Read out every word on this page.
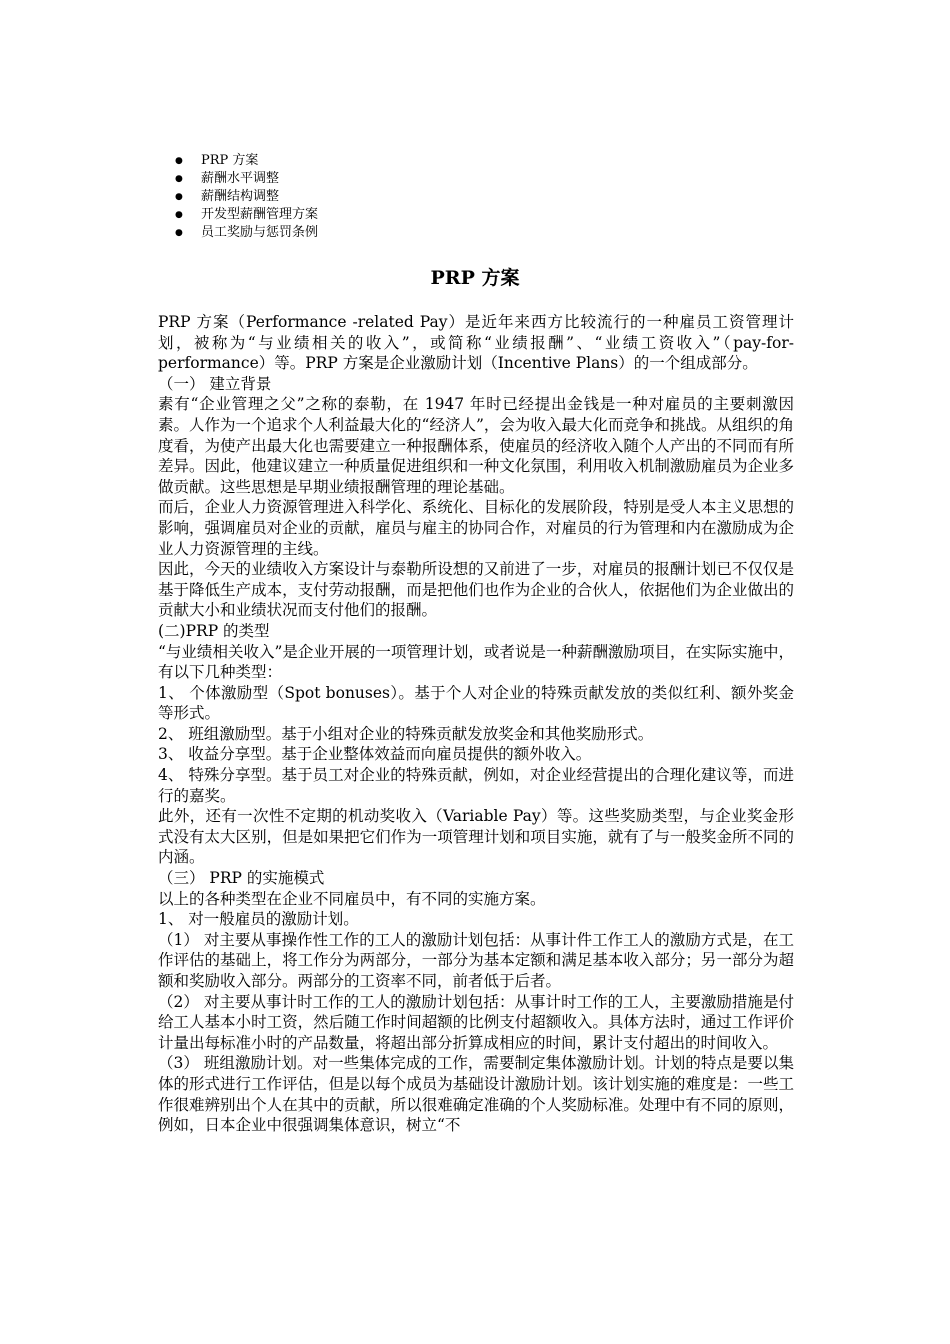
● PRP 方案
● 薪酬水平调整
● 薪酬结构调整
● 开发型薪酬管理方案
● 员工奖励与惩罚条例
PRP 方案

PRP 方案（Performance -related Pay）是近年来西方比较流行的一种雇员工资管理计划，被称为“与业绩相关的收入”，或简称“业绩报酬”、“业绩工资收入”（pay-for-performance）等。PRP 方案是企业激励计划（Incentive Plans）的一个组成部分。

（一） 建立背景

素有“企业管理之父”之称的泰勒，在 1947 年时已经提出金钱是一种对雇员的主要刺激因素。人作为一个追求个人利益最大化的“经济人”，会为收入最大化而竞争和挑战。从组织的角度看，为使产出最大化也需要建立一种报酬体系，使雇员的经济收入随个人产出的不同而有所差异。因此，他建议建立一种质量促进组织和一种文化氛围，利用收入机制激励雇员为企业多做贡献。这些思想是早期业绩报酬管理的理论基础。

而后，企业人力资源管理进入科学化、系统化、目标化的发展阶段，特别是受人本主义思想的影响，强调雇员对企业的贡献，雇员与雇主的协同合作，对雇员的行为管理和内在激励成为企业人力资源管理的主线。

因此，今天的业绩收入方案设计与泰勒所设想的又前进了一步，对雇员的报酬计划已不仅仅是基于降低生产成本，支付劳动报酬，而是把他们也作为企业的合伙人，依据他们为企业做出的贡献大小和业绩状况而支付他们的报酬。

(二)PRP 的类型

“与业绩相关收入”是企业开展的一项管理计划，或者说是一种薪酬激励项目，在实际实施中，有以下几种类型：

1、 个体激励型（Spot bonuses）。基于个人对企业的特殊贡献发放的类似红利、额外奖金等形式。

2、 班组激励型。基于小组对企业的特殊贡献发放奖金和其他奖励形式。

3、 收益分享型。基于企业整体效益而向雇员提供的额外收入。

4、 特殊分享型。基于员工对企业的特殊贡献，例如，对企业经营提出的合理化建议等，而进行的嘉奖。

此外，还有一次性不定期的机动奖收入（Variable Pay）等。这些奖励类型，与企业奖金形式没有太大区别，但是如果把它们作为一项管理计划和项目实施，就有了与一般奖金所不同的内涵。

（三） PRP 的实施模式

以上的各种类型在企业不同雇员中，有不同的实施方案。

1、 对一般雇员的激励计划。

（1） 对主要从事操作性工作的工人的激励计划包括：从事计件工作工人的激励方式是，在工作评估的基础上，将工作分为两部分，一部分为基本定额和满足基本收入部分；另一部分为超额和奖励收入部分。两部分的工资率不同，前者低于后者。

（2） 对主要从事计时工作的工人的激励计划包括：从事计时工作的工人，主要激励措施是付给工人基本小时工资，然后随工作时间超额的比例支付超额收入。具体方法时，通过工作评价计量出每标准小时的产品数量，将超出部分折算成相应的时间，累计支付超出的时间收入。

（3） 班组激励计划。对一些集体完成的工作，需要制定集体激励计划。计划的特点是要以集体的形式进行工作评估，但是以每个成员为基础设计激励计划。该计划实施的难度是：一些工作很难辨别出个人在其中的贡献，所以很难确定准确的个人奖励标准。处理中有不同的原则，例如，日本企业中很强调集体意识，树立“不
